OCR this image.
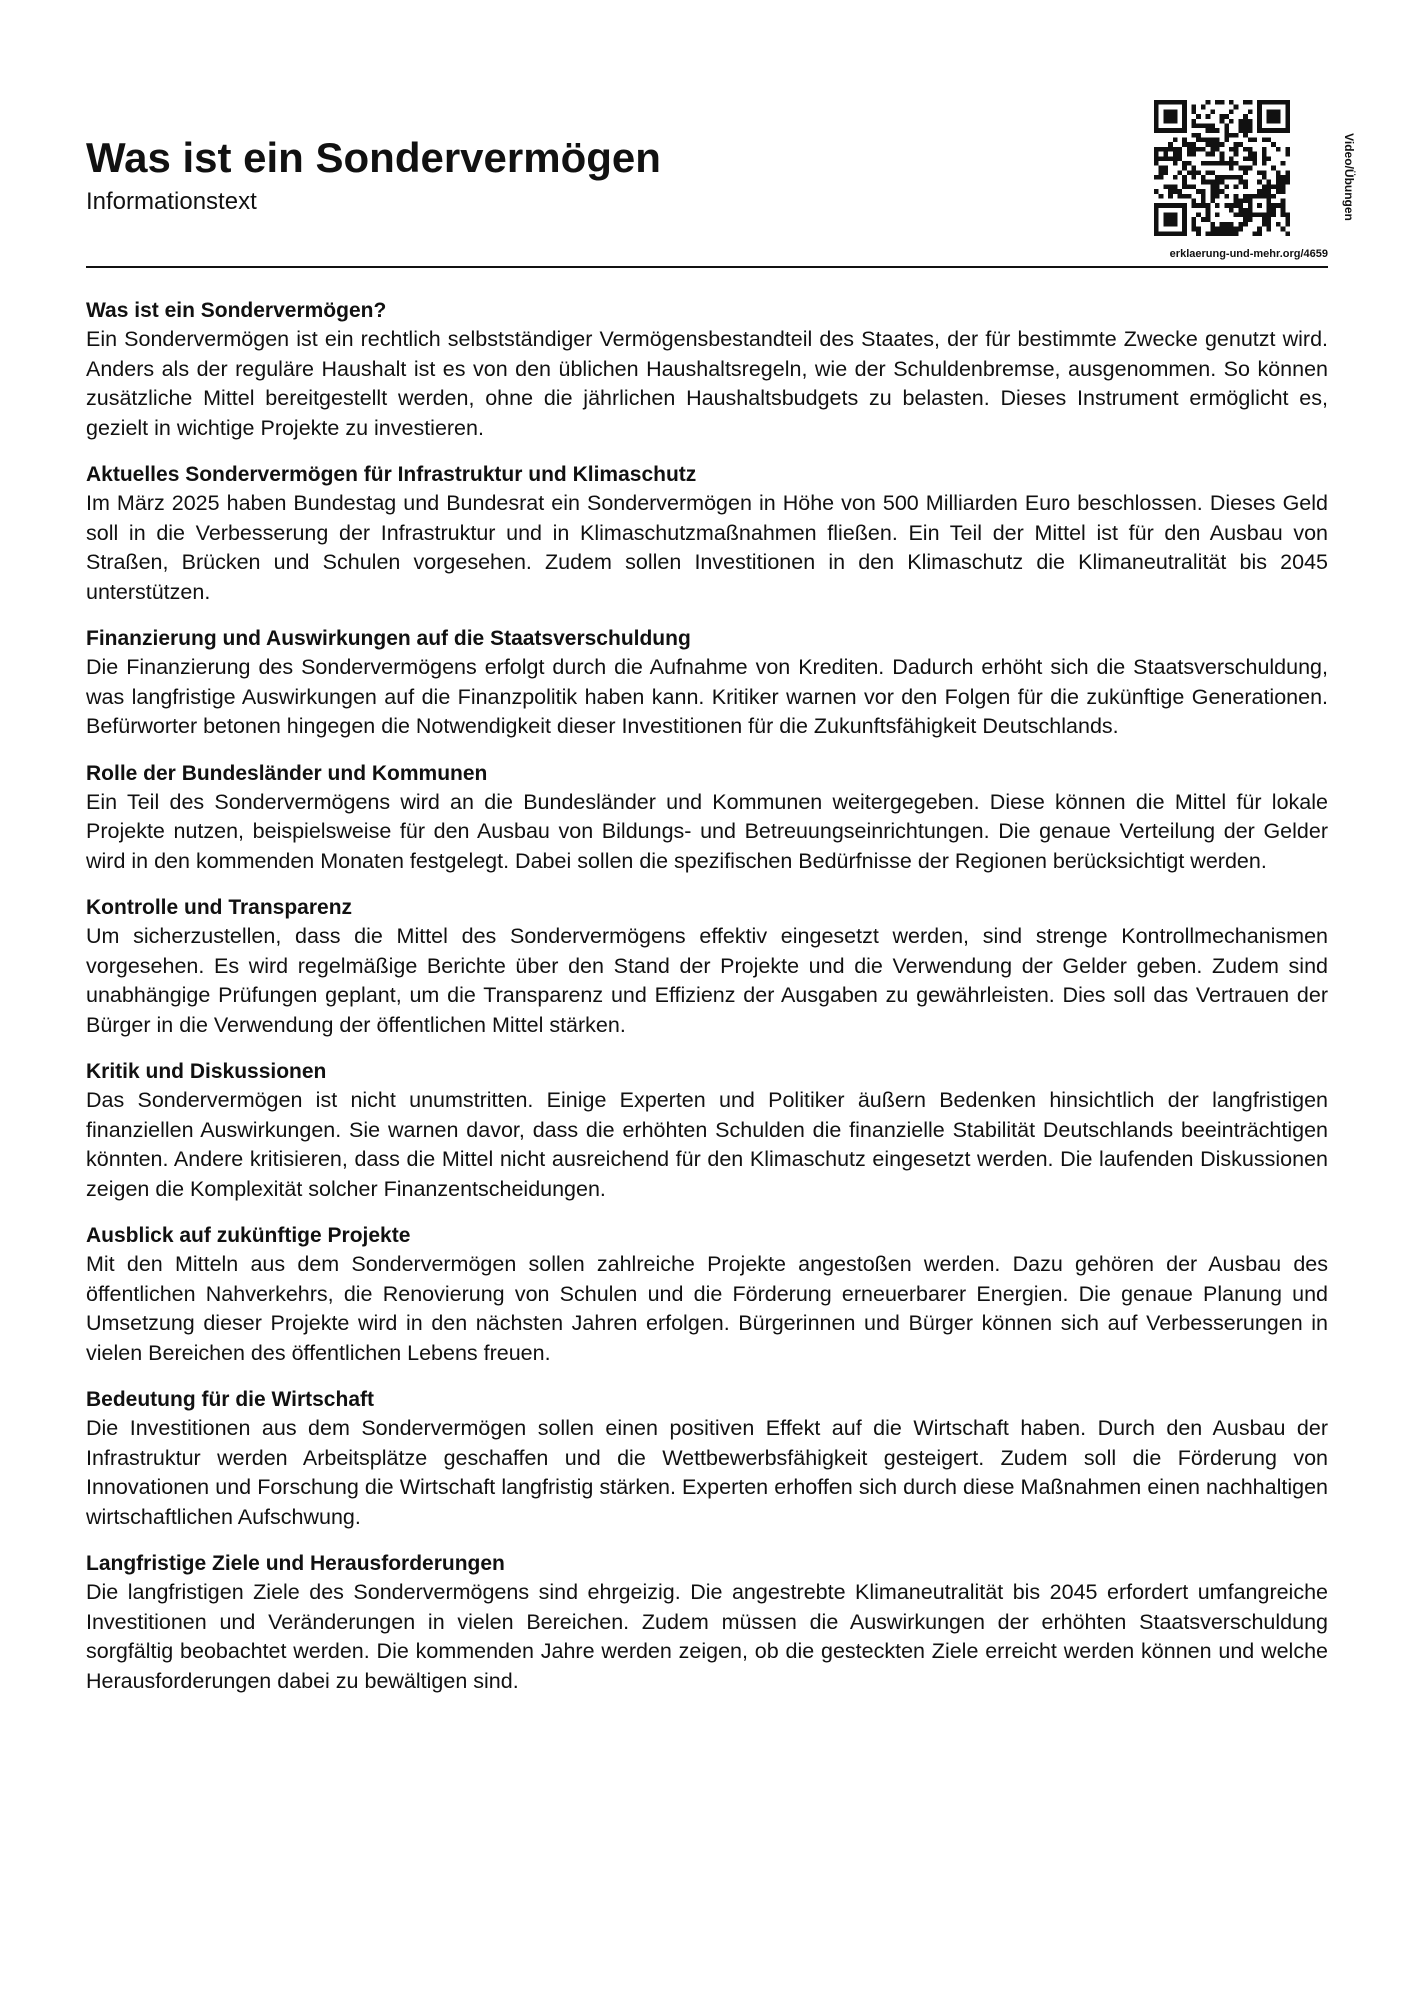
Was ist ein Sondervermögen
Informationstext	Video/Übungen
erklaerung-und-mehr.org/4659
Was ist ein Sondervermögen?

Ein Sondervermögen ist ein rechtlich selbstständiger Vermögensbestandteil des Staates, der für bestimmte Zwecke genutzt wird. Anders als der reguläre Haushalt ist es von den üblichen Haushaltsregeln, wie der Schuldenbremse, ausgenommen. So können zusätzliche Mittel bereitgestellt werden, ohne die jährlichen Haushaltsbudgets zu belasten. Dieses Instrument ermöglicht es, gezielt in wichtige Projekte zu investieren.

Aktuelles Sondervermögen für Infrastruktur und Klimaschutz

Im März 2025 haben Bundestag und Bundesrat ein Sondervermögen in Höhe von 500 Milliarden Euro beschlossen. Dieses Geld soll in die Verbesserung der Infrastruktur und in Klimaschutzmaßnahmen fließen. Ein Teil der Mittel ist für den Ausbau von Straßen, Brücken und Schulen vorgesehen. Zudem sollen Investitionen in den Klimaschutz die Klimaneutralität bis 2045 unterstützen.

Finanzierung und Auswirkungen auf die Staatsverschuldung

Die Finanzierung des Sondervermögens erfolgt durch die Aufnahme von Krediten. Dadurch erhöht sich die Staatsverschuldung, was langfristige Auswirkungen auf die Finanzpolitik haben kann. Kritiker warnen vor den Folgen für die zukünftige Generationen. Befürworter betonen hingegen die Notwendigkeit dieser Investitionen für die Zukunftsfähigkeit Deutschlands.

Rolle der Bundesländer und Kommunen

Ein Teil des Sondervermögens wird an die Bundesländer und Kommunen weitergegeben. Diese können die Mittel für lokale Projekte nutzen, beispielsweise für den Ausbau von Bildungs- und Betreuungseinrichtungen. Die genaue Verteilung der Gelder wird in den kommenden Monaten festgelegt. Dabei sollen die spezifischen Bedürfnisse der Regionen berücksichtigt werden.

Kontrolle und Transparenz

Um sicherzustellen, dass die Mittel des Sondervermögens effektiv eingesetzt werden, sind strenge Kontrollmechanismen vorgesehen. Es wird regelmäßige Berichte über den Stand der Projekte und die Verwendung der Gelder geben. Zudem sind unabhängige Prüfungen geplant, um die Transparenz und Effizienz der Ausgaben zu gewährleisten. Dies soll das Vertrauen der Bürger in die Verwendung der öffentlichen Mittel stärken.

Kritik und Diskussionen

Das Sondervermögen ist nicht unumstritten. Einige Experten und Politiker äußern Bedenken hinsichtlich der langfristigen finanziellen Auswirkungen. Sie warnen davor, dass die erhöhten Schulden die finanzielle Stabilität Deutschlands beeinträchtigen könnten. Andere kritisieren, dass die Mittel nicht ausreichend für den Klimaschutz eingesetzt werden. Die laufenden Diskussionen zeigen die Komplexität solcher Finanzentscheidungen.

Ausblick auf zukünftige Projekte

Mit den Mitteln aus dem Sondervermögen sollen zahlreiche Projekte angestoßen werden. Dazu gehören der Ausbau des öffentlichen Nahverkehrs, die Renovierung von Schulen und die Förderung erneuerbarer Energien. Die genaue Planung und Umsetzung dieser Projekte wird in den nächsten Jahren erfolgen. Bürgerinnen und Bürger können sich auf Verbesserungen in vielen Bereichen des öffentlichen Lebens freuen.

Bedeutung für die Wirtschaft

Die Investitionen aus dem Sondervermögen sollen einen positiven Effekt auf die Wirtschaft haben. Durch den Ausbau der Infrastruktur werden Arbeitsplätze geschaffen und die Wettbewerbsfähigkeit gesteigert. Zudem soll die Förderung von Innovationen und Forschung die Wirtschaft langfristig stärken. Experten erhoffen sich durch diese Maßnahmen einen nachhaltigen wirtschaftlichen Aufschwung.

Langfristige Ziele und Herausforderungen

Die langfristigen Ziele des Sondervermögens sind ehrgeizig. Die angestrebte Klimaneutralität bis 2045 erfordert umfangreiche Investitionen und Veränderungen in vielen Bereichen. Zudem müssen die Auswirkungen der erhöhten Staatsverschuldung sorgfältig beobachtet werden. Die kommenden Jahre werden zeigen, ob die gesteckten Ziele erreicht werden können und welche Herausforderungen dabei zu bewältigen sind.
